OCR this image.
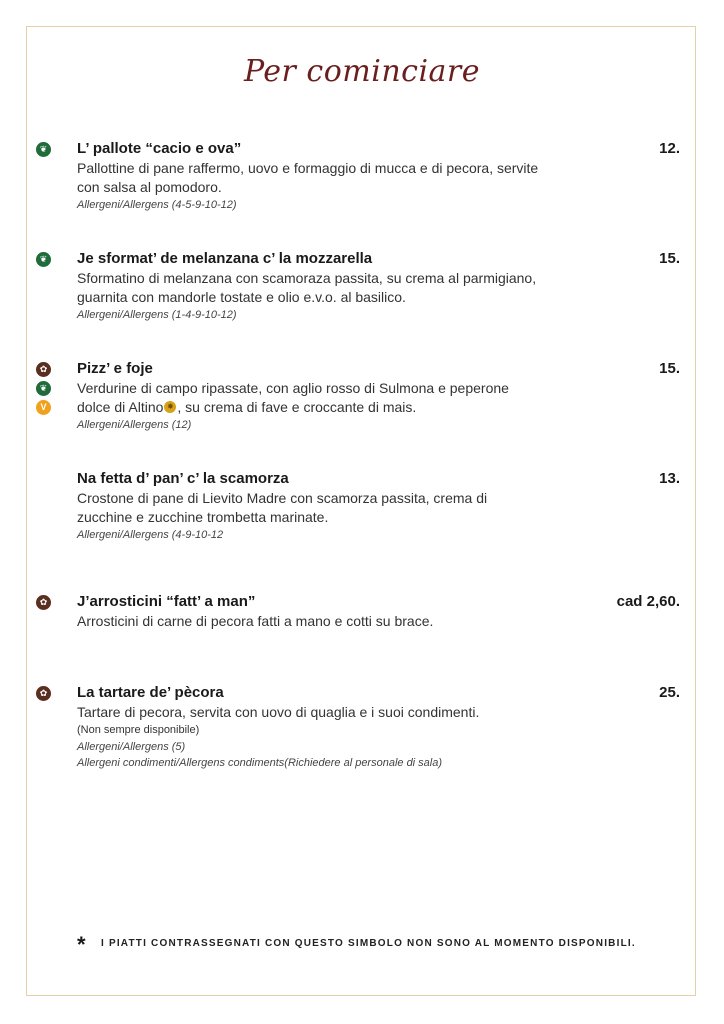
Per cominciare
❦ L’ pallote “cacio e ova”	12.
Pallottine di pane raffermo, uovo e formaggio di mucca e di pecora, servite
con salsa al pomodoro.
Allergeni/Allergens (4-5-9-10-12)
❦ Je sformat’ de melanzana c’ la mozzarella	15.
Sformatino di melanzana con scamoraza passita, su crema al parmigiano,
guarnita con mandorle tostate e olio e.v.o. al basilico.
Allergeni/Allergens (1-4-9-10-12)
✿
❦
V
Pizz’ e foje	15.
Verdurine di campo ripassate, con aglio rosso di Sulmona e peperone
dolce di Altino ✸ , su crema di fave e croccante di mais.
Allergeni/Allergens (12)
Na fetta d’ pan’ c’ la scamorza	13.
Crostone di pane di Lievito Madre con scamorza passita, crema di
zucchine e zucchine trombetta marinate.
Allergeni/Allergens (4-9-10-12
✿ J’arrosticini “fatt’ a man”	cad 2,60.
Arrosticini di carne di pecora fatti a mano e cotti su brace.
✿ La tartare de’ pècora	25.
Tartare di pecora, servita con uovo di quaglia e i suoi condimenti.
(Non sempre disponibile)
Allergeni/Allergens (5)
Allergeni condimenti/Allergens condiments(Richiedere al personale di sala)
* I PIATTI CONTRASSEGNATI CON QUESTO SIMBOLO NON SONO AL MOMENTO DISPONIBILI.
